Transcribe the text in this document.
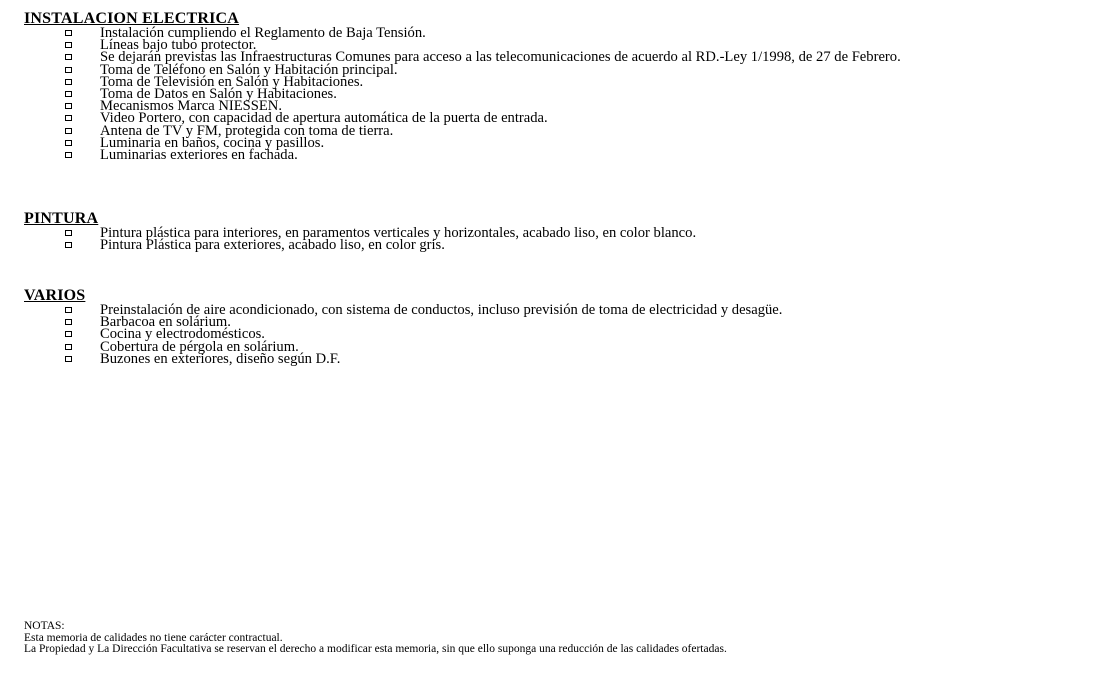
INSTALACION ELECTRICA
Instalación cumpliendo el Reglamento de Baja Tensión.
Líneas bajo tubo protector.
Se dejarán previstas las Infraestructuras Comunes para acceso a las telecomunicaciones de acuerdo al RD.-Ley 1/1998, de 27 de Febrero.
Toma de Teléfono en Salón y Habitación principal.
Toma de Televisión en Salón y Habitaciones.
Toma de Datos en Salón y Habitaciones.
Mecanismos Marca NIESSEN.
Video Portero, con capacidad de apertura automática de la puerta de entrada.
Antena de TV y FM, protegida con toma de tierra.
Luminaria en baños, cocina y pasillos.
Luminarias exteriores en fachada.
PINTURA
Pintura plástica para interiores, en paramentos verticales y horizontales, acabado liso, en color blanco.
Pintura Plástica para exteriores, acabado liso, en color gris.
VARIOS
Preinstalación de aire acondicionado, con sistema de conductos, incluso previsión de toma de electricidad y desagüe.
Barbacoa en solárium.
Cocina y electrodomésticos.
Cobertura de pérgola en solárium.
Buzones en exteriores, diseño según D.F.
NOTAS:
Esta memoria de calidades no tiene carácter contractual.
La Propiedad y La Dirección Facultativa se reservan el derecho a modificar esta memoria, sin que ello suponga una reducción de las calidades ofertadas.
